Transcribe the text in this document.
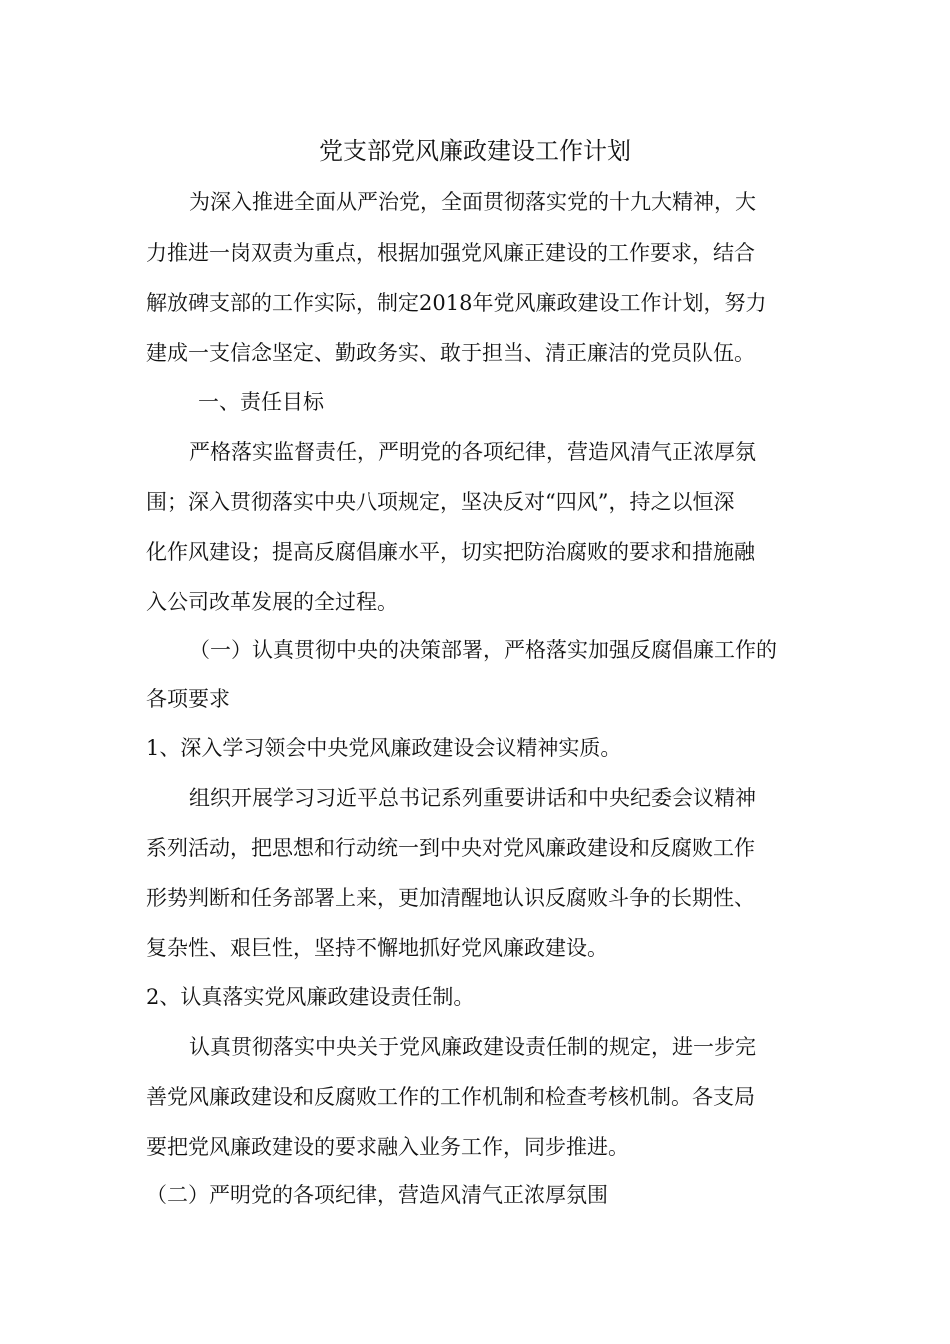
党支部党风廉政建设工作计划

为深入推进全面从严治党，全面贯彻落实党的十九大精神，大

力推进一岗双责为重点，根据加强党风廉正建设的工作要求，结合

解放碑支部的工作实际，制定2018年党风廉政建设工作计划，努力

建成一支信念坚定、勤政务实、敢于担当、清正廉洁的党员队伍。

一、责任目标

严格落实监督责任，严明党的各项纪律，营造风清气正浓厚氛

围；深入贯彻落实中央八项规定，坚决反对“四风”，持之以恒深

化作风建设；提高反腐倡廉水平，切实把防治腐败的要求和措施融

入公司改革发展的全过程。

（一）认真贯彻中央的决策部署，严格落实加强反腐倡廉工作的

各项要求

1、深入学习领会中央党风廉政建设会议精神实质。

组织开展学习习近平总书记系列重要讲话和中央纪委会议精神

系列活动，把思想和行动统一到中央对党风廉政建设和反腐败工作

形势判断和任务部署上来，更加清醒地认识反腐败斗争的长期性、

复杂性、艰巨性，坚持不懈地抓好党风廉政建设。

2、认真落实党风廉政建设责任制。

认真贯彻落实中央关于党风廉政建设责任制的规定，进一步完

善党风廉政建设和反腐败工作的工作机制和检查考核机制。各支局

要把党风廉政建设的要求融入业务工作，同步推进。

（二）严明党的各项纪律，营造风清气正浓厚氛围
